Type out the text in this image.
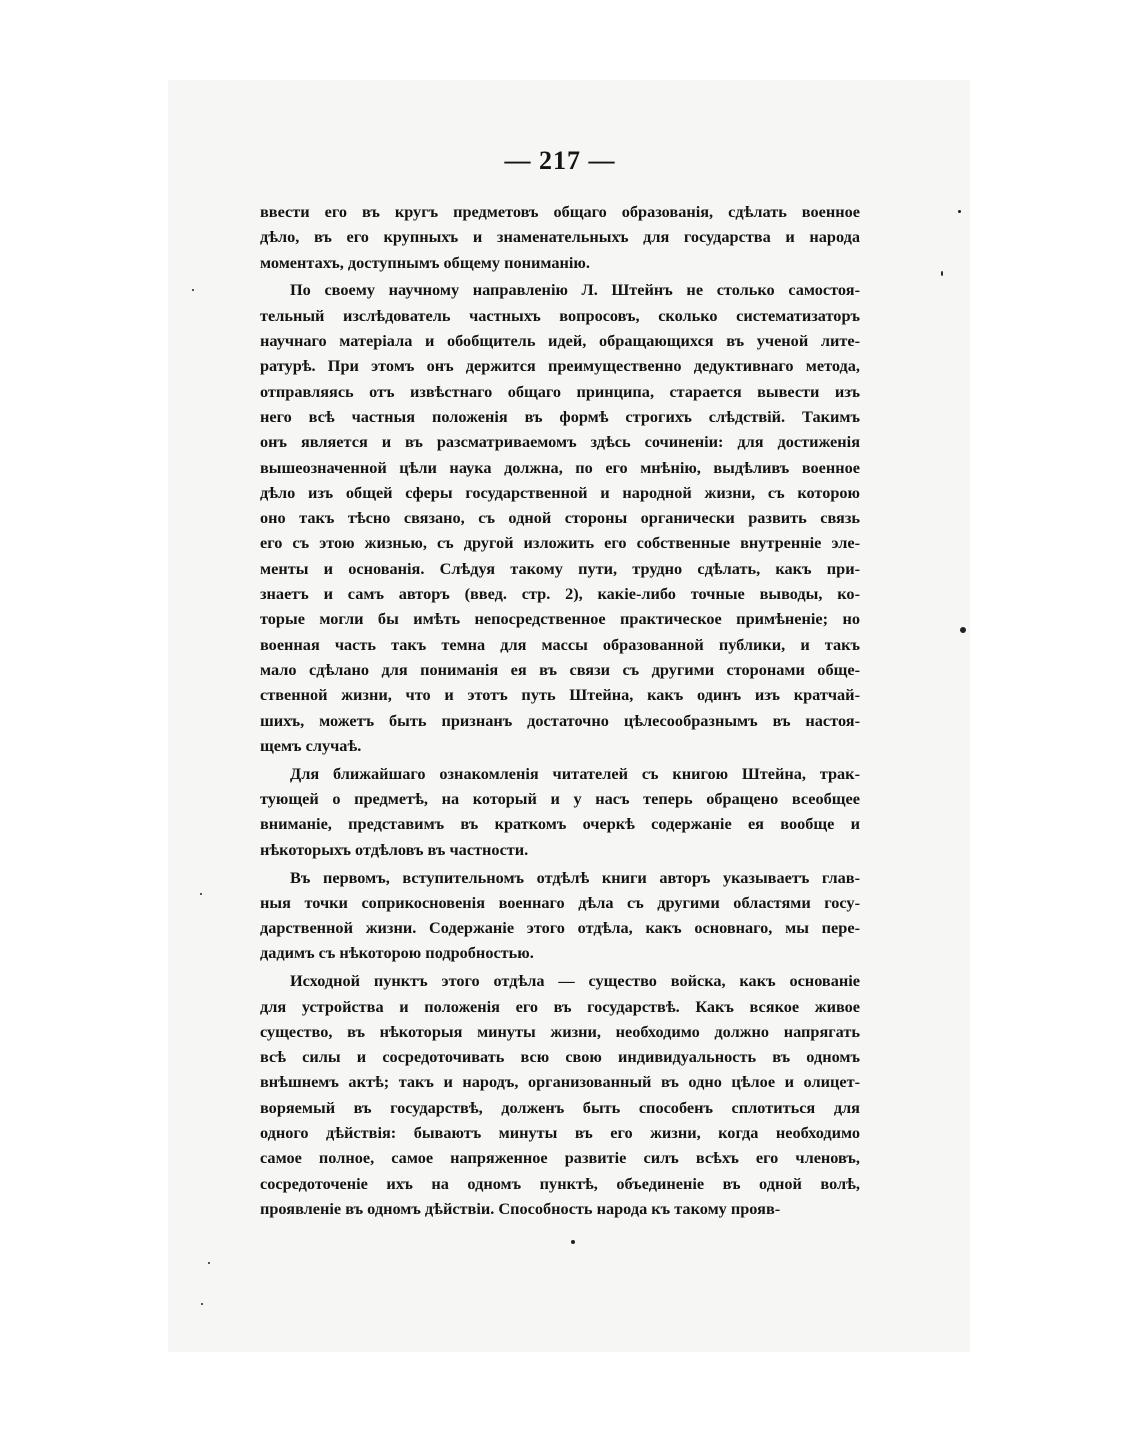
— 217 —
ввести его въ кругъ предметовъ общаго образованія, сдѣлать военное
дѣло, въ его крупныхъ и знаменательныхъ для государства и народа
моментахъ, доступнымъ общему пониманію.
По своему научному направленію Л. Штейнъ не столько самостоя-
тельный изслѣдователь частныхъ вопросовъ, сколько систематизаторъ
научнаго матеріала и обобщитель идей, обращающихся въ ученой лите-
ратурѣ. При этомъ онъ держится преимущественно дедуктивнаго метода,
отправляясь отъ извѣстнаго общаго принципа, старается вывести изъ
него всѣ частныя положенія въ формѣ строгихъ слѣдствій. Такимъ
онъ является и въ разсматриваемомъ здѣсь сочиненіи: для достиженія
вышеозначенной цѣли наука должна, по его мнѣнію, выдѣливъ военное
дѣло изъ общей сферы государственной и народной жизни, съ которою
оно такъ тѣсно связано, съ одной стороны органически развить связь
его съ этою жизнью, съ другой изложить его собственные внутренніе эле-
менты и основанія. Слѣдуя такому пути, трудно сдѣлать, какъ при-
знаетъ и самъ авторъ (введ. стр. 2), какіе-либо точные выводы, ко-
торые могли бы имѣть непосредственное практическое примѣненіе; но
военная часть такъ темна для массы образованной публики, и такъ
мало сдѣлано для пониманія ея въ связи съ другими сторонами обще-
ственной жизни, что и этотъ путь Штейна, какъ одинъ изъ кратчай-
шихъ, можетъ быть признанъ достаточно цѣлесообразнымъ въ настоя-
щемъ случаѣ.
Для ближайшаго ознакомленія читателей съ книгою Штейна, трак-
тующей о предметѣ, на который и у насъ теперь обращено всеобщее
вниманіе, представимъ въ краткомъ очеркѣ содержаніе ея вообще и
нѣкоторыхъ отдѣловъ въ частности.
Въ первомъ, вступительномъ отдѣлѣ книги авторъ указываетъ глав-
ныя точки соприкосновенія военнаго дѣла съ другими областями госу-
дарственной жизни. Содержаніе этого отдѣла, какъ основнаго, мы пере-
дадимъ съ нѣкоторою подробностью.
Исходной пунктъ этого отдѣла — существо войска, какъ основаніе
для устройства и положенія его въ государствѣ. Какъ всякое живое
существо, въ нѣкоторыя минуты жизни, необходимо должно напрягать
всѣ силы и сосредоточивать всю свою индивидуальность въ одномъ
внѣшнемъ актѣ; такъ и народъ, организованный въ одно цѣлое и олицет-
воряемый въ государствѣ, долженъ быть способенъ сплотиться для
одного дѣйствія: бываютъ минуты въ его жизни, когда необходимо
самое полное, самое напряженное развитіе силъ всѣхъ его членовъ,
сосредоточеніе ихъ на одномъ пунктѣ, объединеніе въ одной волѣ,
проявленіе въ одномъ дѣйствіи. Способность народа къ такому прояв-
